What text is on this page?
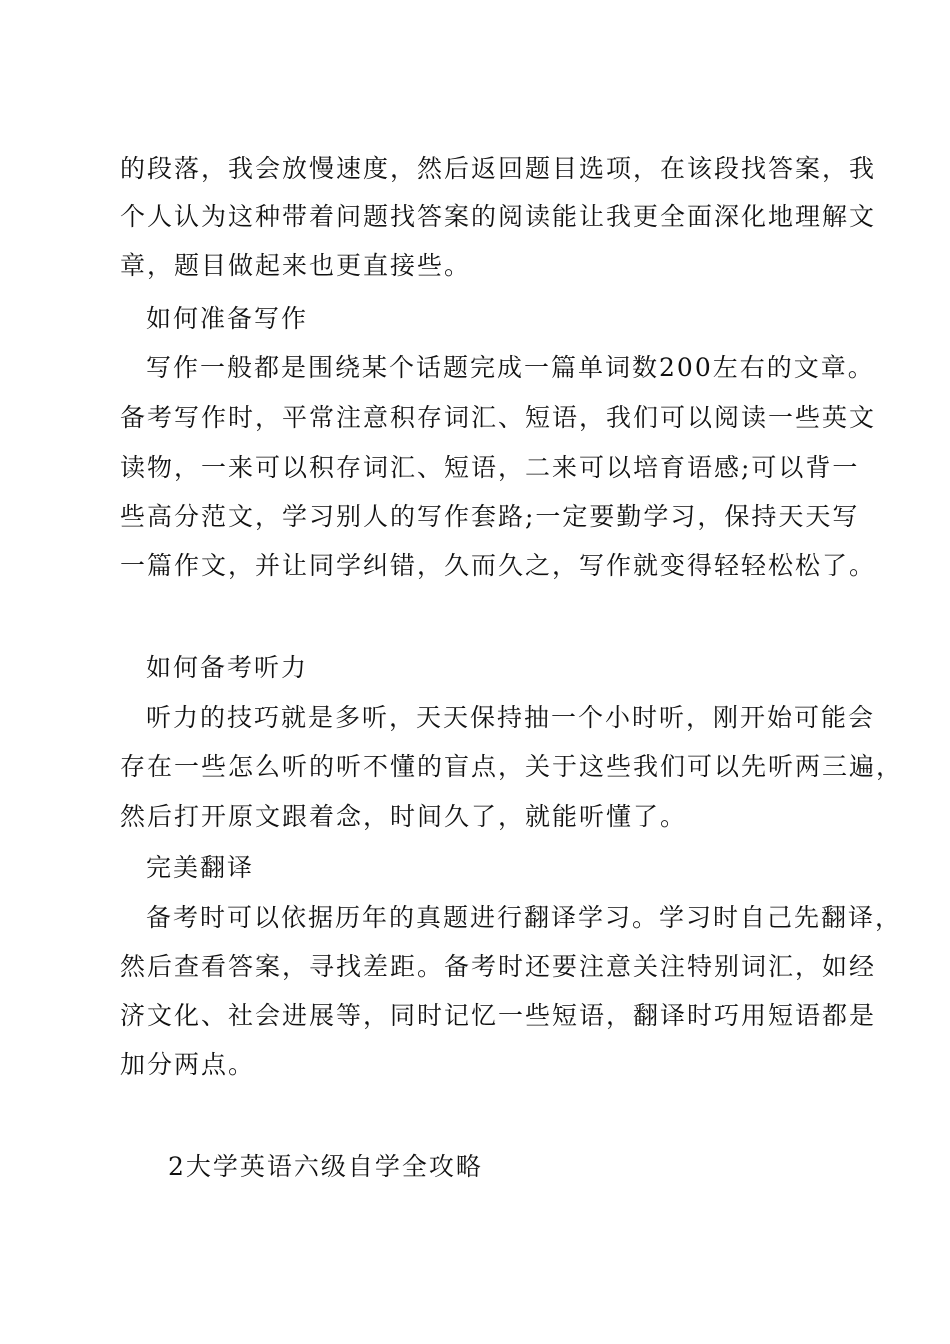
的段落，我会放慢速度，然后返回题目选项，在该段找答案，我
个人认为这种带着问题找答案的阅读能让我更全面深化地理解文
章，题目做起来也更直接些。
如何准备写作
写作一般都是围绕某个话题完成一篇单词数200左右的文章。
备考写作时，平常注意积存词汇、短语，我们可以阅读一些英文
读物，一来可以积存词汇、短语，二来可以培育语感;可以背一
些高分范文，学习别人的写作套路;一定要勤学习，保持天天写
一篇作文，并让同学纠错，久而久之，写作就变得轻轻松松了。
如何备考听力
听力的技巧就是多听，天天保持抽一个小时听，刚开始可能会
存在一些怎么听的听不懂的盲点，关于这些我们可以先听两三遍，
然后打开原文跟着念，时间久了，就能听懂了。
完美翻译
备考时可以依据历年的真题进行翻译学习。学习时自己先翻译，
然后查看答案，寻找差距。备考时还要注意关注特别词汇，如经
济文化、社会进展等，同时记忆一些短语，翻译时巧用短语都是
加分两点。
2大学英语六级自学全攻略
